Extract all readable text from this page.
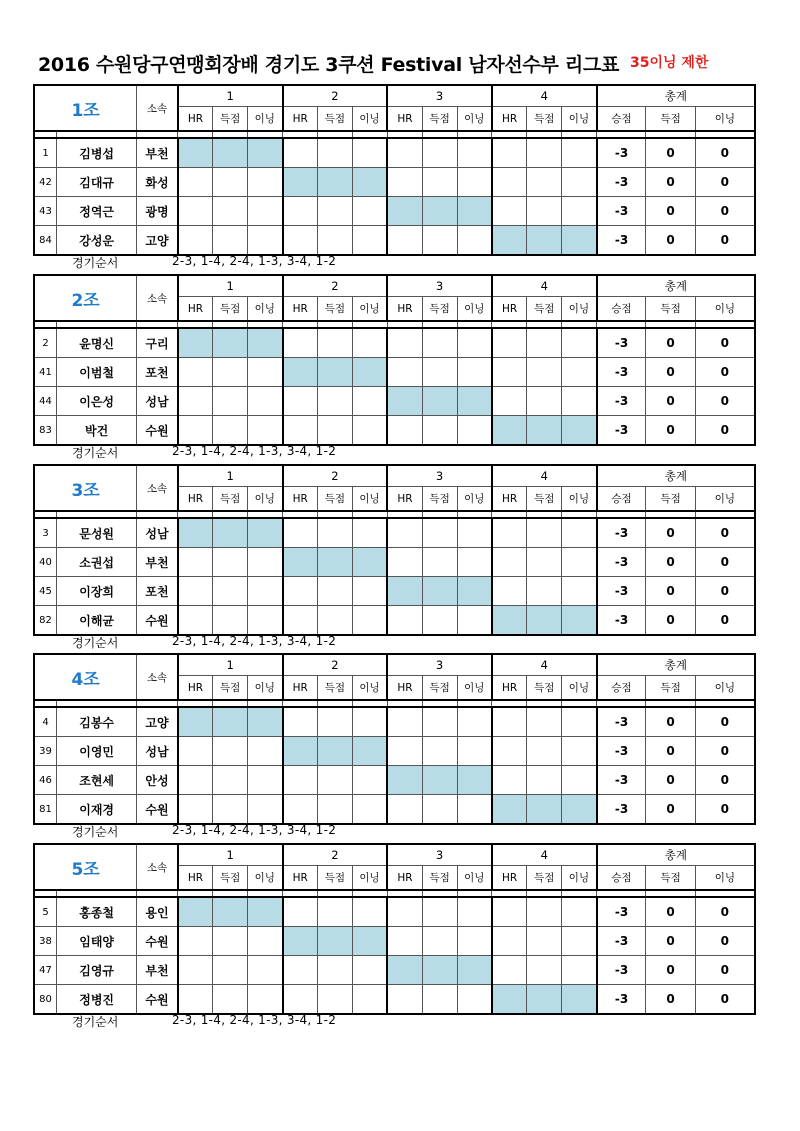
2016 수원당구연맹회장배 경기도 3쿠션 Festival 남자선수부 리그표 35이닝 제한
1조		소속	1			2			3			4			총계		
			HR	득점	이닝	HR	득점	이닝	HR	득점	이닝	HR	득점	이닝	승점	득점	이닝

1	김병섭	부천													-3	0	0
42	김대규	화성													-3	0	0
43	정역근	광명													-3	0	0
84	강성운	고양													-3	0	0
경기순서	2-3, 1-4, 2-4, 1-3, 3-4, 1-2
2조		소속	1			2			3			4			총계		
			HR	득점	이닝	HR	득점	이닝	HR	득점	이닝	HR	득점	이닝	승점	득점	이닝

2	윤명신	구리													-3	0	0
41	이범철	포천													-3	0	0
44	이은성	성남													-3	0	0
83	박건	수원													-3	0	0
경기순서	2-3, 1-4, 2-4, 1-3, 3-4, 1-2
3조		소속	1			2			3			4			총계		
			HR	득점	이닝	HR	득점	이닝	HR	득점	이닝	HR	득점	이닝	승점	득점	이닝

3	문성원	성남													-3	0	0
40	소권섭	부천													-3	0	0
45	이장희	포천													-3	0	0
82	이해균	수원													-3	0	0
경기순서	2-3, 1-4, 2-4, 1-3, 3-4, 1-2
4조		소속	1			2			3			4			총계		
			HR	득점	이닝	HR	득점	이닝	HR	득점	이닝	HR	득점	이닝	승점	득점	이닝

4	김봉수	고양													-3	0	0
39	이영민	성남													-3	0	0
46	조현세	안성													-3	0	0
81	이재경	수원													-3	0	0
경기순서	2-3, 1-4, 2-4, 1-3, 3-4, 1-2
5조		소속	1			2			3			4			총계		
			HR	득점	이닝	HR	득점	이닝	HR	득점	이닝	HR	득점	이닝	승점	득점	이닝

5	홍종철	용인													-3	0	0
38	임태양	수원													-3	0	0
47	김영규	부천													-3	0	0
80	정병진	수원													-3	0	0
경기순서	2-3, 1-4, 2-4, 1-3, 3-4, 1-2
